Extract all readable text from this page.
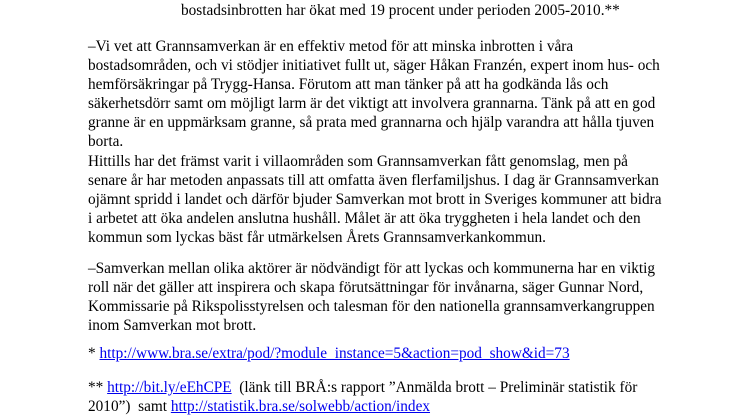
bostadsinbrotten har ökat med 19 procent under perioden 2005-2010.**
–Vi vet att Grannsamverkan är en effektiv metod för att minska inbrotten i våra
bostadsområden, och vi stödjer initiativet fullt ut, säger Håkan Franzén, expert inom hus- och
hemförsäkringar på Trygg-Hansa. Förutom att man tänker på att ha godkända lås och
säkerhetsdörr samt om möjligt larm är det viktigt att involvera grannarna. Tänk på att en god
granne är en uppmärksam granne, så prata med grannarna och hjälp varandra att hålla tjuven
borta.
Hittills har det främst varit i villaområden som Grannsamverkan fått genomslag, men på
senare år har metoden anpassats till att omfatta även flerfamiljshus. I dag är Grannsamverkan
ojämnt spridd i landet och därför bjuder Samverkan mot brott in Sveriges kommuner att bidra
i arbetet att öka andelen anslutna hushåll. Målet är att öka tryggheten i hela landet och den
kommun som lyckas bäst får utmärkelsen Årets Grannsamverkankommun.
–Samverkan mellan olika aktörer är nödvändigt för att lyckas och kommunerna har en viktig
roll när det gäller att inspirera och skapa förutsättningar för invånarna, säger Gunnar Nord,
Kommissarie på Rikspolisstyrelsen och talesman för den nationella grannsamverkangruppen
inom Samverkan mot brott.
* http://www.bra.se/extra/pod/?module_instance=5&action=pod_show&id=73
** http://bit.ly/eEhCPE  (länk till BRÅ:s rapport ”Anmälda brott – Preliminär statistik för
2010”)  samt http://statistik.bra.se/solwebb/action/index
